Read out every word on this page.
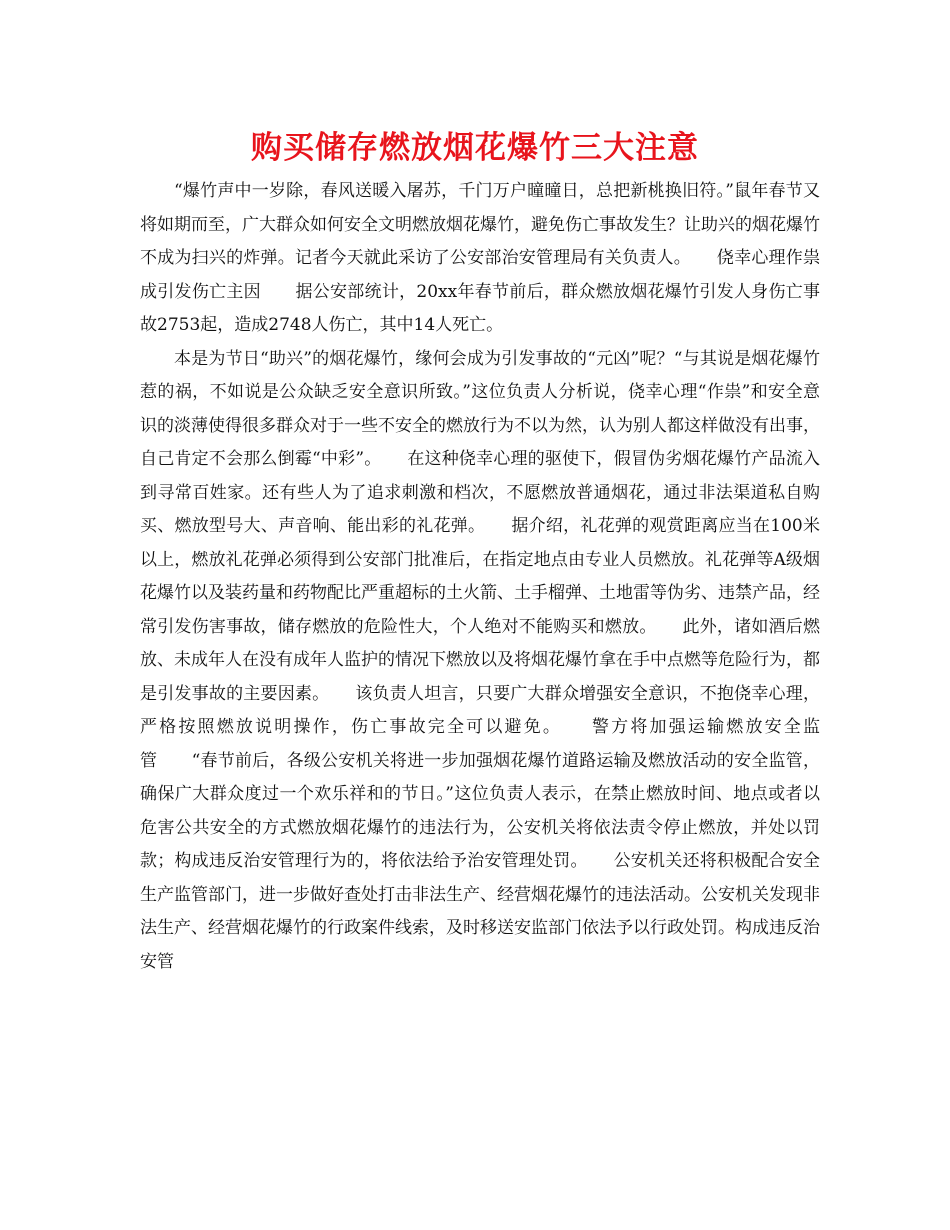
购买储存燃放烟花爆竹三大注意

“爆竹声中一岁除，春风送暖入屠苏，千门万户曈曈日，总把新桃换旧符。”鼠年春节又将如期而至，广大群众如何安全文明燃放烟花爆竹，避免伤亡事故发生？让助兴的烟花爆竹不成为扫兴的炸弹。记者今天就此采访了公安部治安管理局有关负责人。　　侥幸心理作祟成引发伤亡主因　　据公安部统计，20xx年春节前后，群众燃放烟花爆竹引发人身伤亡事故2753起，造成2748人伤亡，其中14人死亡。

本是为节日“助兴”的烟花爆竹，缘何会成为引发事故的“元凶”呢？“与其说是烟花爆竹惹的祸，不如说是公众缺乏安全意识所致。”这位负责人分析说，侥幸心理“作祟”和安全意识的淡薄使得很多群众对于一些不安全的燃放行为不以为然，认为别人都这样做没有出事，自己肯定不会那么倒霉“中彩”。　　在这种侥幸心理的驱使下，假冒伪劣烟花爆竹产品流入到寻常百姓家。还有些人为了追求刺激和档次，不愿燃放普通烟花，通过非法渠道私自购买、燃放型号大、声音响、能出彩的礼花弹。　　据介绍，礼花弹的观赏距离应当在100米以上，燃放礼花弹必须得到公安部门批准后，在指定地点由专业人员燃放。礼花弹等A级烟花爆竹以及装药量和药物配比严重超标的土火箭、土手榴弹、土地雷等伪劣、违禁产品，经常引发伤害事故，储存燃放的危险性大，个人绝对不能购买和燃放。　　此外，诸如酒后燃放、未成年人在没有成年人监护的情况下燃放以及将烟花爆竹拿在手中点燃等危险行为，都是引发事故的主要因素。　　该负责人坦言，只要广大群众增强安全意识，不抱侥幸心理，严格按照燃放说明操作，伤亡事故完全可以避免。　　警方将加强运输燃放安全监管　　“春节前后，各级公安机关将进一步加强烟花爆竹道路运输及燃放活动的安全监管，确保广大群众度过一个欢乐祥和的节日。”这位负责人表示，在禁止燃放时间、地点或者以危害公共安全的方式燃放烟花爆竹的违法行为，公安机关将依法责令停止燃放，并处以罚款；构成违反治安管理行为的，将依法给予治安管理处罚。　　公安机关还将积极配合安全生产监管部门，进一步做好查处打击非法生产、经营烟花爆竹的违法活动。公安机关发现非法生产、经营烟花爆竹的行政案件线索，及时移送安监部门依法予以行政处罚。构成违反治安管
